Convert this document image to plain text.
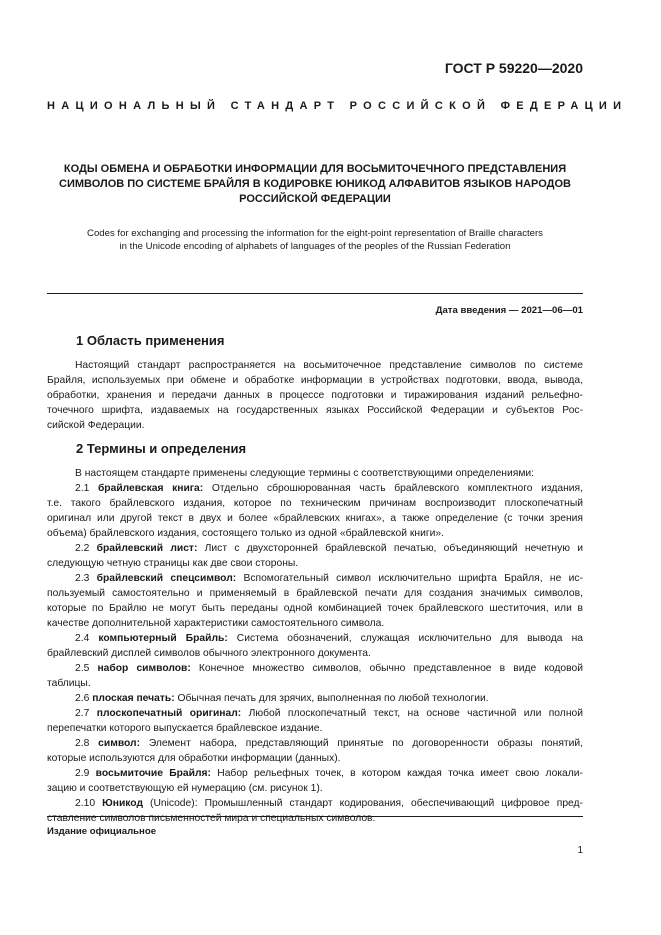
ГОСТ Р 59220—2020
НАЦИОНАЛЬНЫЙ СТАНДАРТ РОССИЙСКОЙ ФЕДЕРАЦИИ
КОДЫ ОБМЕНА И ОБРАБОТКИ ИНФОРМАЦИИ ДЛЯ ВОСЬМИТОЧЕЧНОГО ПРЕДСТАВЛЕНИЯ
СИМВОЛОВ ПО СИСТЕМЕ БРАЙЛЯ В КОДИРОВКЕ ЮНИКОД АЛФАВИТОВ ЯЗЫКОВ НАРОДОВ
РОССИЙСКОЙ ФЕДЕРАЦИИ
Codes for exchanging and processing the information for the eight-point representation of Braille characters
in the Unicode encoding of alphabets of languages of the peoples of the Russian Federation
Дата введения — 2021—06—01
1 Область применения
Настоящий стандарт распространяется на восьмиточечное представление символов по системе
Брайля, используемых при обмене и обработке информации в устройствах подготовки, ввода, вывода,
обработки, хранения и передачи данных в процессе подготовки и тиражирования изданий рельефно-
точечного шрифта, издаваемых на государственных языках Российской Федерации и субъектов Рос-
сийской Федерации.
2 Термины и определения
В настоящем стандарте применены следующие термины с соответствующими определениями:
2.1 брайлевская книга: Отдельно сброшюрованная часть брайлевского комплектного издания,
т.е. такого брайлевского издания, которое по техническим причинам воспроизводит плоскопечатный
оригинал или другой текст в двух и более «брайлевских книгах», а также определение (с точки зрения
объема) брайлевского издания, состоящего только из одной «брайлевской книги».
2.2 брайлевский лист: Лист с двухсторонней брайлевской печатью, объединяющий нечетную и
следующую четную страницы как две свои стороны.
2.3 брайлевский спецсимвол: Вспомогательный символ исключительно шрифта Брайля, не ис-
пользуемый самостоятельно и применяемый в брайлевской печати для создания значимых символов,
которые по Брайлю не могут быть переданы одной комбинацией точек брайлевского шеститочия, или в
качестве дополнительной характеристики самостоятельного символа.
2.4 компьютерный Брайль: Система обозначений, служащая исключительно для вывода на
брайлевский дисплей символов обычного электронного документа.
2.5 набор символов: Конечное множество символов, обычно представленное в виде кодовой
таблицы.
2.6 плоская печать: Обычная печать для зрячих, выполненная по любой технологии.
2.7 плоскопечатный оригинал: Любой плоскопечатный текст, на основе частичной или полной
перепечатки которого выпускается брайлевское издание.
2.8 символ: Элемент набора, представляющий принятые по договоренности образы понятий,
которые используются для обработки информации (данных).
2.9 восьмиточие Брайля: Набор рельефных точек, в котором каждая точка имеет свою локали-
зацию и соответствующую ей нумерацию (см. рисунок 1).
2.10 Юникод (Unicode): Промышленный стандарт кодирования, обеспечивающий цифровое пред-
ставление символов письменностей мира и специальных символов.
Издание официальное
1
